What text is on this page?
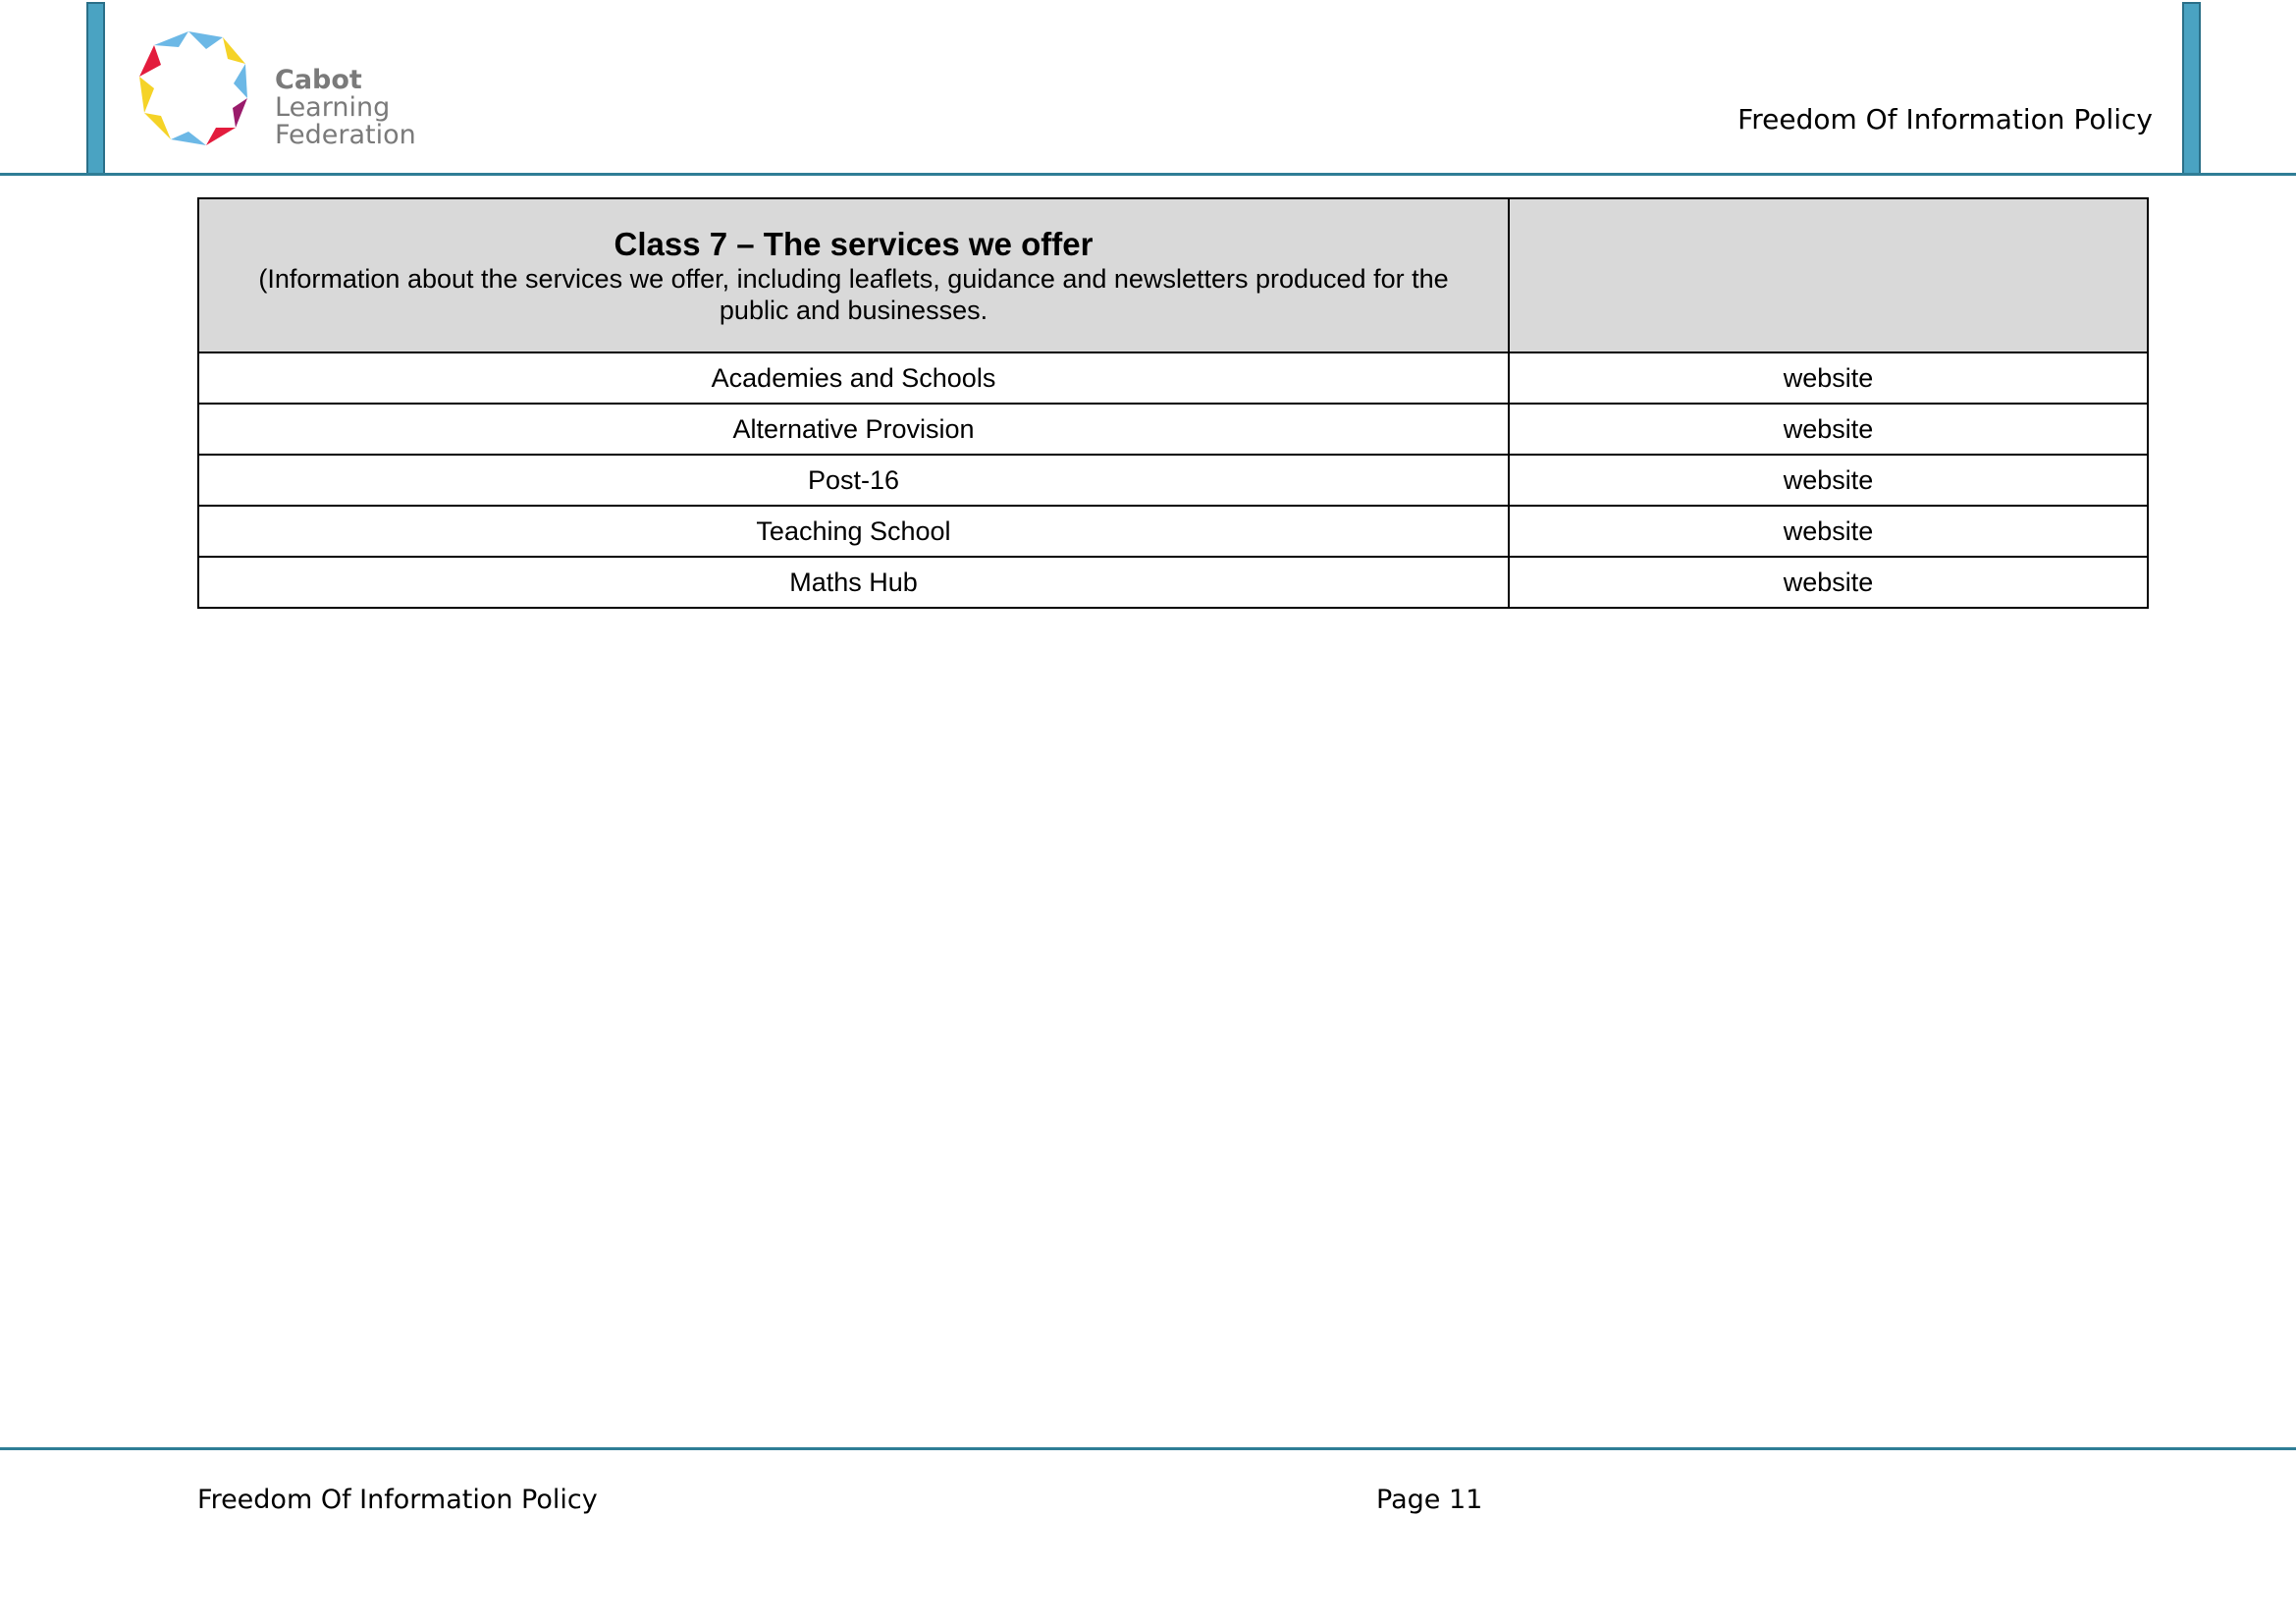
Cabot
Learning
Federation	Freedom Of Information Policy
Class 7 – The services we offer
(Information about the services we offer, including leaflets, guidance and newsletters produced for the public and businesses.	

Academies and Schools	website
Alternative Provision	website
Post-16	website
Teaching School	website
Maths Hub	website
Freedom Of Information Policy	Page 11
